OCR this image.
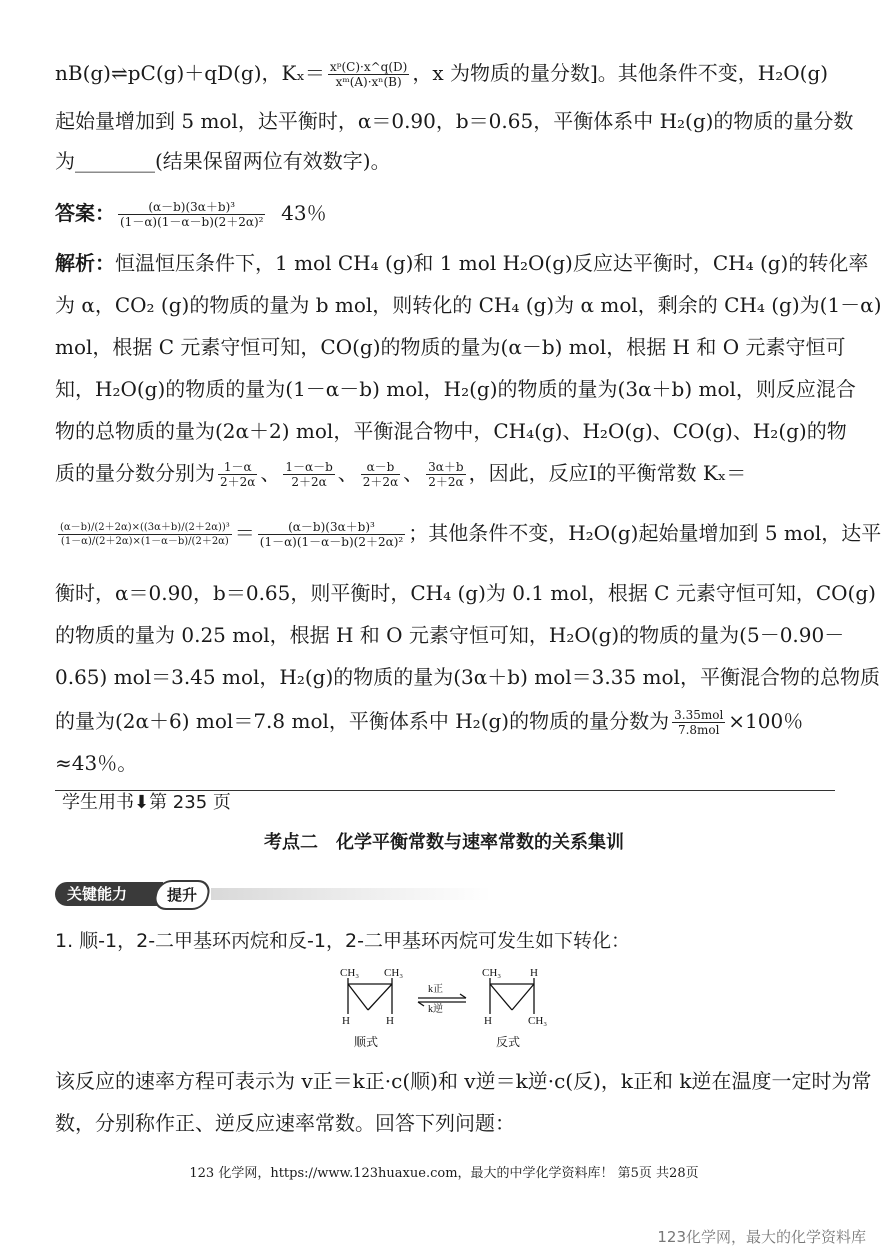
nB(g)⇌pC(g)＋qD(g)，$K_x= \frac{\text{xᵖ(C)·x\textasciicircum{}q(D)}}{\text{xᵐ(A)·xⁿ(B)}}$ ，x 为物质的量分数]。其他条件不变，H₂O(g)
起始量增加到 5 mol，达平衡时，α＝0.90，b＝0.65，平衡体系中 H₂(g)的物质的量分数
为________(结果保留两位有效数字)。
答案： $\frac{\text{(α－b)(3α＋b)³}}{\text{(1－α)(1－α－b)(2＋2α)²}} 43$％
解析：恒温恒压条件下，1 mol CH₄ (g)和 1 mol H₂O(g)反应达平衡时，CH₄ (g)的转化率
为 α，CO₂ (g)的物质的量为 b mol，则转化的 CH₄ (g)为 α mol，剩余的 CH₄ (g)为(1－α)
mol，根据 C 元素守恒可知，CO(g)的物质的量为(α－b) mol，根据 H 和 O 元素守恒可
知，H₂O(g)的物质的量为(1－α－b) mol，H₂(g)的物质的量为(3α＋b) mol，则反应混合
物的总物质的量为(2α＋2) mol，平衡混合物中，CH₄(g)、H₂O(g)、CO(g)、H₂(g)的物
质的量分数分别为 $\frac{1-\alpha}{2+2\alpha}$ 、 $\frac{1-\alpha-b}{2+2\alpha}$ 、 $\frac{\alpha-b}{2+2\alpha}$ 、 $\frac{3\alpha+b}{2+2\alpha}$ ，因此，反应Ⅰ的平衡常数 Kₓ＝
$\frac{\text{(α－b)/(2＋2α)×((3α＋b)/(2＋2α))³}}{(1-\alpha)/(2+2\alpha)\times(1-\alpha-b)/(2+2\alpha)} = \frac{\text{(α－b)(3α＋b)³}}{\text{(1－α)(1－α－b)(2＋2α)²}}$ ；其他条件不变，H₂O(g)起始量增加到 5 mol，达平
衡时，α＝0.90，b＝0.65，则平衡时，CH₄ (g)为 0.1 mol，根据 C 元素守恒可知，CO(g)
的物质的量为 0.25 mol，根据 H 和 O 元素守恒可知，H₂O(g)的物质的量为(5－0.90－
0.65) mol＝3.45 mol，H₂(g)的物质的量为(3α＋b) mol＝3.35 mol，平衡混合物的总物质
的量为(2α＋6) mol＝7.8 mol，平衡体系中 H₂(g)的物质的量分数为 $\frac{\text{3.35mol}}{\text{7.8mol}} \times 100$％
≈43％。
学生用书⬇第 235 页
考点二　化学平衡常数与速率常数的关系集训
关键能力	提升
1. 顺-1，2-二甲基环丙烷和反-1，2-二甲基环丙烷可发生如下转化：
CH₃ CH₃
H	H
顺式
CH₃	H
H	CH₃
反式
k正
k逆
该反应的速率方程可表示为 v正＝k正·c(顺)和 v逆＝k逆·c(反)，k正和 k逆在温度一定时为常
数，分别称作正、逆反应速率常数。回答下列问题：
123 化学网，https://www.123huaxue.com，最大的中学化学资料库！ 第5页 共28页
123化学网，最大的化学资料库
